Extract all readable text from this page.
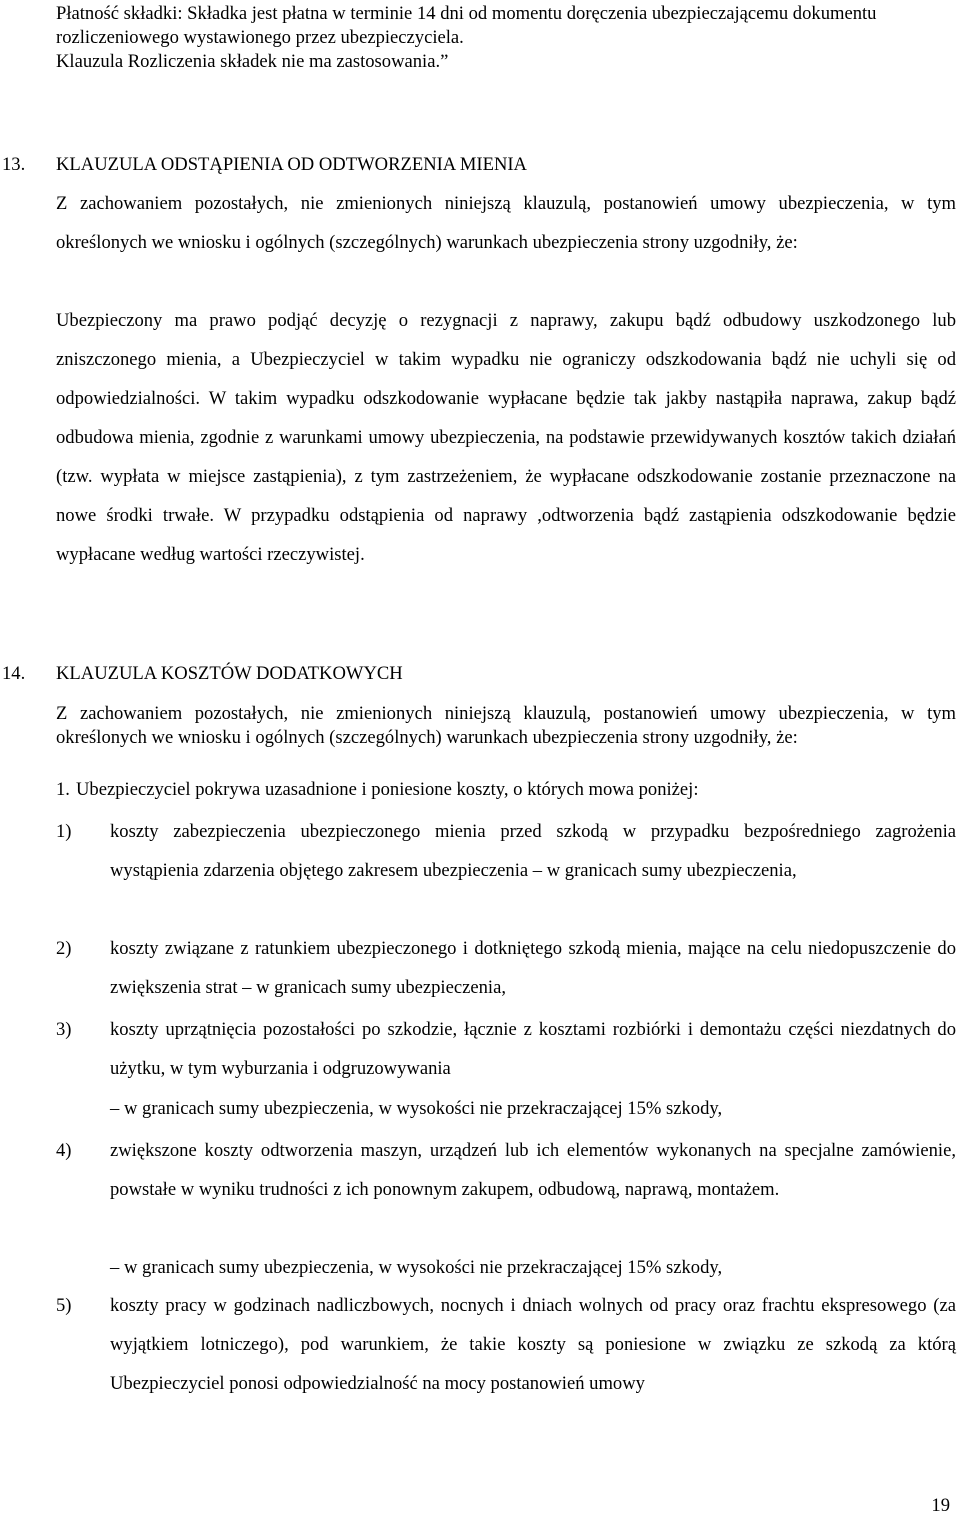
Płatność składki: Składka jest płatna w terminie 14 dni od momentu doręczenia ubezpieczającemu dokumentu rozliczeniowego wystawionego przez ubezpieczyciela.
Klauzula Rozliczenia składek nie ma zastosowania.”
13. KLAUZULA ODSTĄPIENIA OD ODTWORZENIA MIENIA
Z zachowaniem pozostałych, nie zmienionych niniejszą klauzulą, postanowień umowy ubezpieczenia, w tym określonych we wniosku i ogólnych (szczególnych) warunkach ubezpieczenia strony uzgodniły, że:
Ubezpieczony ma prawo podjąć decyzję o rezygnacji z naprawy, zakupu bądź odbudowy uszkodzonego lub zniszczonego mienia, a Ubezpieczyciel w takim wypadku nie ograniczy odszkodowania bądź nie uchyli się od odpowiedzialności. W takim wypadku odszkodowanie wypłacane będzie tak jakby nastąpiła naprawa, zakup bądź odbudowa mienia, zgodnie z warunkami umowy ubezpieczenia, na podstawie przewidywanych kosztów takich działań (tzw. wypłata w miejsce zastąpienia), z tym zastrzeżeniem, że wypłacane odszkodowanie zostanie przeznaczone na nowe środki trwałe. W przypadku odstąpienia od naprawy ,odtworzenia bądź zastąpienia odszkodowanie będzie wypłacane według wartości rzeczywistej.
14. KLAUZULA KOSZTÓW DODATKOWYCH
Z zachowaniem pozostałych, nie zmienionych niniejszą klauzulą, postanowień umowy ubezpieczenia, w tym określonych we wniosku i ogólnych (szczególnych) warunkach ubezpieczenia strony uzgodniły, że:
1. Ubezpieczyciel pokrywa uzasadnione i poniesione koszty, o których mowa poniżej:
1) koszty zabezpieczenia ubezpieczonego mienia przed szkodą w przypadku bezpośredniego zagrożenia wystąpienia zdarzenia objętego zakresem ubezpieczenia – w granicach sumy ubezpieczenia,
2) koszty związane z ratunkiem ubezpieczonego i dotkniętego szkodą mienia, mające na celu niedopuszczenie do zwiększenia strat – w granicach sumy ubezpieczenia,
3) koszty uprzątnięcia pozostałości po szkodzie, łącznie z kosztami rozbiórki i demontażu części niezdatnych do użytku, w tym wyburzania i odgruzowywania
– w granicach sumy ubezpieczenia, w wysokości nie przekraczającej 15% szkody,
4) zwiększone koszty odtworzenia maszyn, urządzeń lub ich elementów wykonanych na specjalne zamówienie, powstałe w wyniku trudności z ich ponownym zakupem, odbudową, naprawą, montażem.
– w granicach sumy ubezpieczenia, w wysokości nie przekraczającej 15% szkody,
5) koszty pracy w godzinach nadliczbowych, nocnych i dniach wolnych od pracy oraz frachtu ekspresowego (za wyjątkiem lotniczego), pod warunkiem, że takie koszty są poniesione w związku ze szkodą za którą Ubezpieczyciel ponosi odpowiedzialność na mocy postanowień umowy
19
